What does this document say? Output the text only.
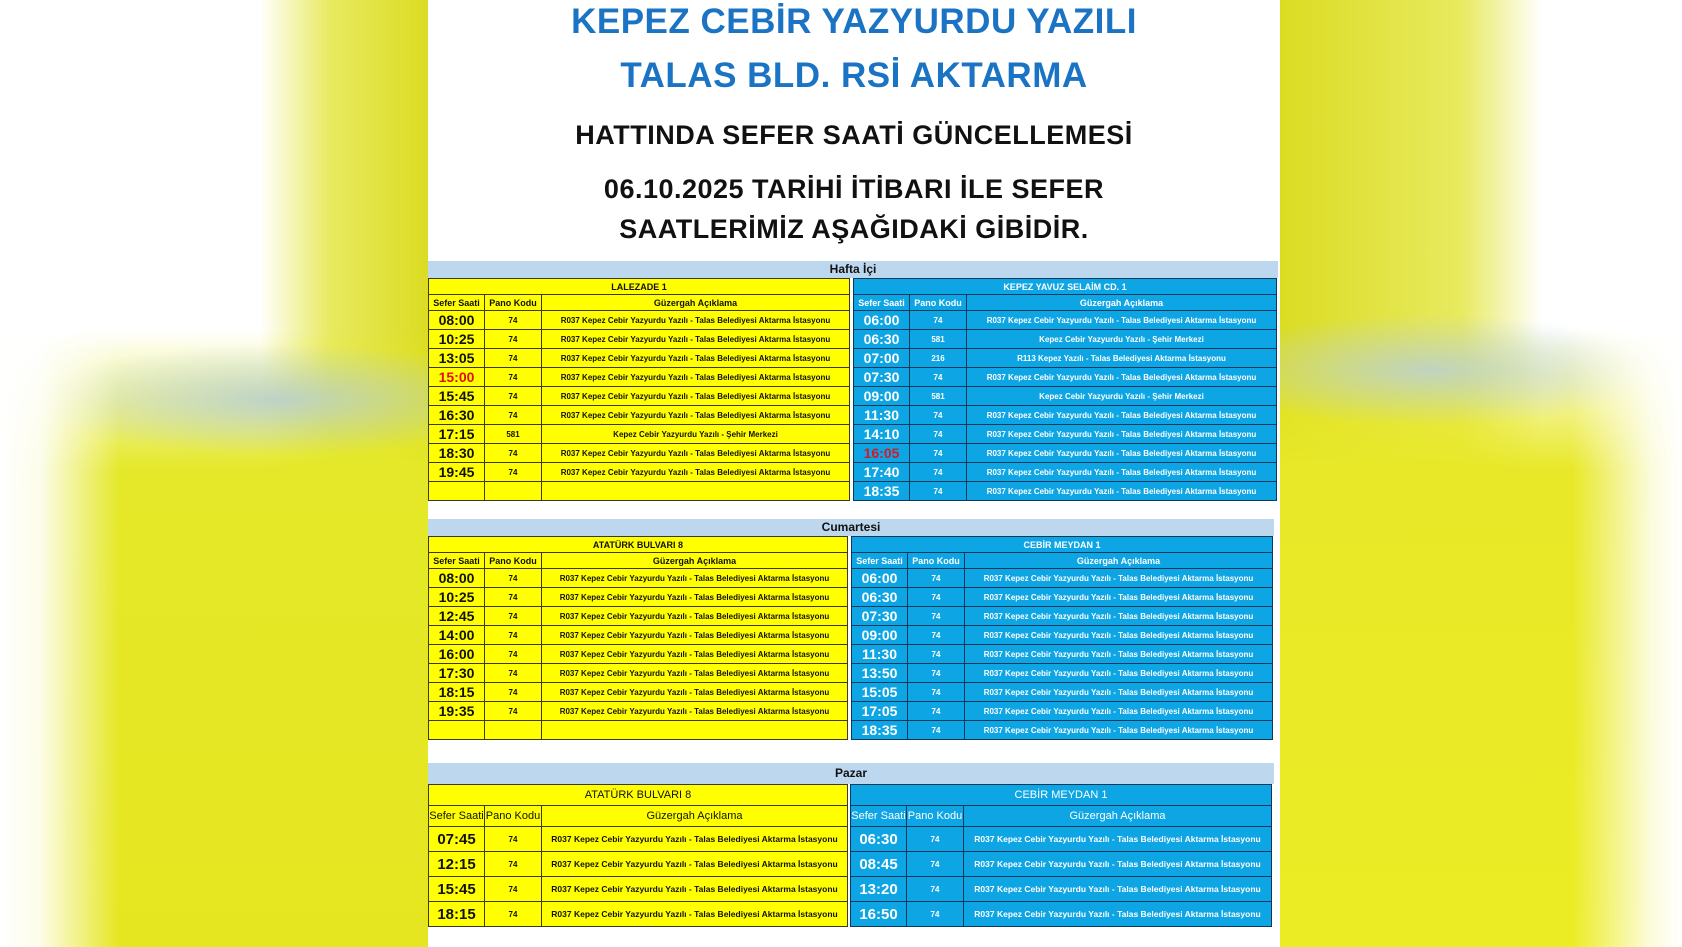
KEPEZ CEBİR YAZYURDU YAZILI
TALAS BLD. RSİ AKTARMA
HATTINDA SEFER SAATİ GÜNCELLEMESİ
06.10.2025 TARİHİ İTİBARI İLE SEFER
SAATLERİMİZ AŞAĞIDAKİ GİBİDİR.
Hafta İçi
LALEZADE 1		
Sefer Saati	Pano Kodu	Güzergah Açıklama
08:00	74	R037 Kepez Cebir Yazyurdu Yazılı - Talas Belediyesi Aktarma İstasyonu
10:25	74	R037 Kepez Cebir Yazyurdu Yazılı - Talas Belediyesi Aktarma İstasyonu
13:05	74	R037 Kepez Cebir Yazyurdu Yazılı - Talas Belediyesi Aktarma İstasyonu
15:00	74	R037 Kepez Cebir Yazyurdu Yazılı - Talas Belediyesi Aktarma İstasyonu
15:45	74	R037 Kepez Cebir Yazyurdu Yazılı - Talas Belediyesi Aktarma İstasyonu
16:30	74	R037 Kepez Cebir Yazyurdu Yazılı - Talas Belediyesi Aktarma İstasyonu
17:15	581	Kepez Cebir Yazyurdu Yazılı - Şehir Merkezi
18:30	74	R037 Kepez Cebir Yazyurdu Yazılı - Talas Belediyesi Aktarma İstasyonu
19:45	74	R037 Kepez Cebir Yazyurdu Yazılı - Talas Belediyesi Aktarma İstasyonu

KEPEZ YAVUZ SELAİM CD. 1		
Sefer Saati	Pano Kodu	Güzergah Açıklama
06:00	74	R037 Kepez Cebir Yazyurdu Yazılı - Talas Belediyesi Aktarma İstasyonu
06:30	581	Kepez Cebir Yazyurdu Yazılı - Şehir Merkezi
07:00	216	R113 Kepez Yazılı - Talas Belediyesi Aktarma İstasyonu
07:30	74	R037 Kepez Cebir Yazyurdu Yazılı - Talas Belediyesi Aktarma İstasyonu
09:00	581	Kepez Cebir Yazyurdu Yazılı - Şehir Merkezi
11:30	74	R037 Kepez Cebir Yazyurdu Yazılı - Talas Belediyesi Aktarma İstasyonu
14:10	74	R037 Kepez Cebir Yazyurdu Yazılı - Talas Belediyesi Aktarma İstasyonu
16:05	74	R037 Kepez Cebir Yazyurdu Yazılı - Talas Belediyesi Aktarma İstasyonu
17:40	74	R037 Kepez Cebir Yazyurdu Yazılı - Talas Belediyesi Aktarma İstasyonu
18:35	74	R037 Kepez Cebir Yazyurdu Yazılı - Talas Belediyesi Aktarma İstasyonu
Cumartesi
ATATÜRK BULVARI 8		
Sefer Saati	Pano Kodu	Güzergah Açıklama
08:00	74	R037 Kepez Cebir Yazyurdu Yazılı - Talas Belediyesi Aktarma İstasyonu
10:25	74	R037 Kepez Cebir Yazyurdu Yazılı - Talas Belediyesi Aktarma İstasyonu
12:45	74	R037 Kepez Cebir Yazyurdu Yazılı - Talas Belediyesi Aktarma İstasyonu
14:00	74	R037 Kepez Cebir Yazyurdu Yazılı - Talas Belediyesi Aktarma İstasyonu
16:00	74	R037 Kepez Cebir Yazyurdu Yazılı - Talas Belediyesi Aktarma İstasyonu
17:30	74	R037 Kepez Cebir Yazyurdu Yazılı - Talas Belediyesi Aktarma İstasyonu
18:15	74	R037 Kepez Cebir Yazyurdu Yazılı - Talas Belediyesi Aktarma İstasyonu
19:35	74	R037 Kepez Cebir Yazyurdu Yazılı - Talas Belediyesi Aktarma İstasyonu

CEBİR MEYDAN 1		
Sefer Saati	Pano Kodu	Güzergah Açıklama
06:00	74	R037 Kepez Cebir Yazyurdu Yazılı - Talas Belediyesi Aktarma İstasyonu
06:30	74	R037 Kepez Cebir Yazyurdu Yazılı - Talas Belediyesi Aktarma İstasyonu
07:30	74	R037 Kepez Cebir Yazyurdu Yazılı - Talas Belediyesi Aktarma İstasyonu
09:00	74	R037 Kepez Cebir Yazyurdu Yazılı - Talas Belediyesi Aktarma İstasyonu
11:30	74	R037 Kepez Cebir Yazyurdu Yazılı - Talas Belediyesi Aktarma İstasyonu
13:50	74	R037 Kepez Cebir Yazyurdu Yazılı - Talas Belediyesi Aktarma İstasyonu
15:05	74	R037 Kepez Cebir Yazyurdu Yazılı - Talas Belediyesi Aktarma İstasyonu
17:05	74	R037 Kepez Cebir Yazyurdu Yazılı - Talas Belediyesi Aktarma İstasyonu
18:35	74	R037 Kepez Cebir Yazyurdu Yazılı - Talas Belediyesi Aktarma İstasyonu
Pazar
ATATÜRK BULVARI 8		
Sefer Saati	Pano Kodu	Güzergah Açıklama
07:45	74	R037 Kepez Cebir Yazyurdu Yazılı - Talas Belediyesi Aktarma İstasyonu
12:15	74	R037 Kepez Cebir Yazyurdu Yazılı - Talas Belediyesi Aktarma İstasyonu
15:45	74	R037 Kepez Cebir Yazyurdu Yazılı - Talas Belediyesi Aktarma İstasyonu
18:15	74	R037 Kepez Cebir Yazyurdu Yazılı - Talas Belediyesi Aktarma İstasyonu
CEBİR MEYDAN 1		
Sefer Saati	Pano Kodu	Güzergah Açıklama
06:30	74	R037 Kepez Cebir Yazyurdu Yazılı - Talas Belediyesi Aktarma İstasyonu
08:45	74	R037 Kepez Cebir Yazyurdu Yazılı - Talas Belediyesi Aktarma İstasyonu
13:20	74	R037 Kepez Cebir Yazyurdu Yazılı - Talas Belediyesi Aktarma İstasyonu
16:50	74	R037 Kepez Cebir Yazyurdu Yazılı - Talas Belediyesi Aktarma İstasyonu
